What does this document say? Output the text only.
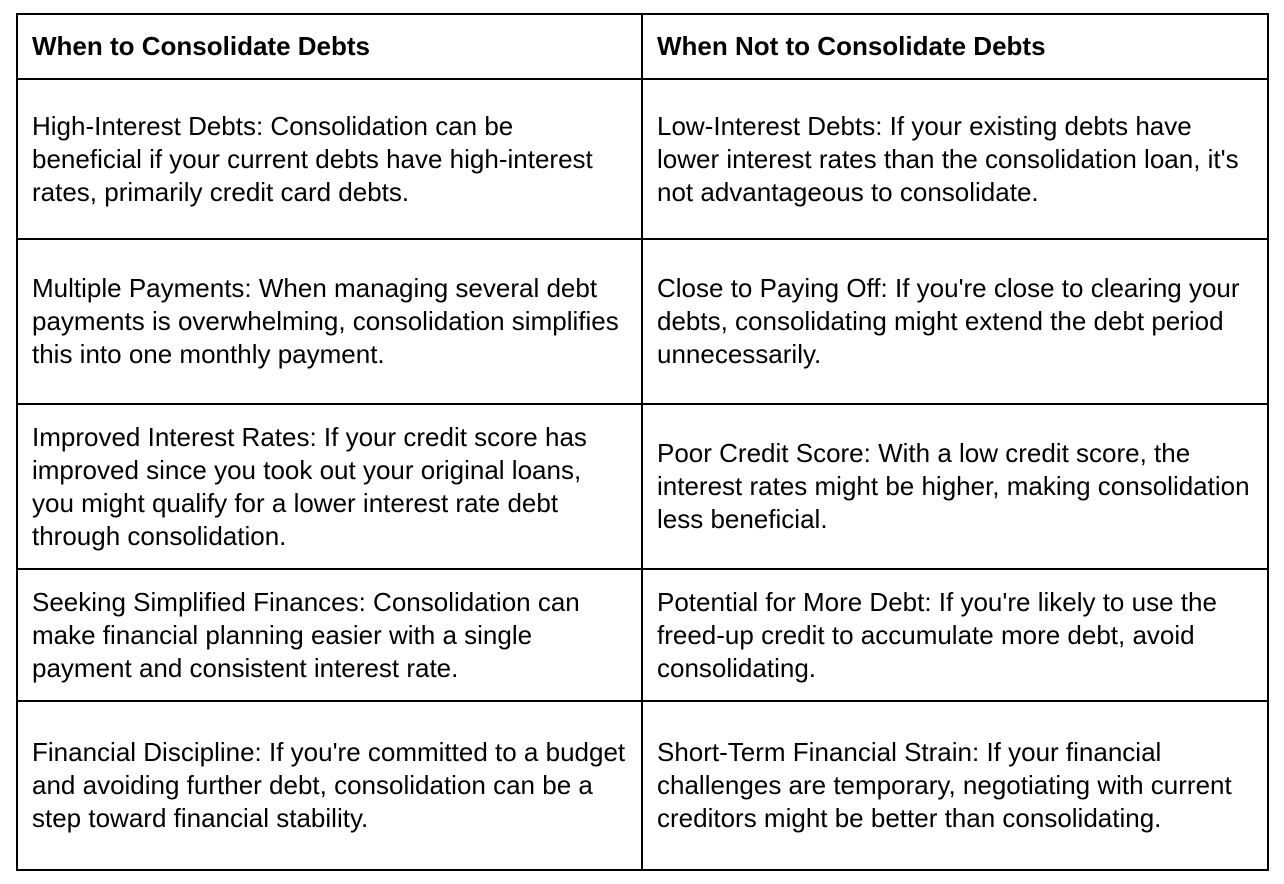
When to Consolidate Debts	When Not to Consolidate Debts

High-Interest Debts: Consolidation can be beneficial if your current debts have high-interest rates, primarily credit card debts.	Low-Interest Debts: If your existing debts have lower interest rates than the consolidation loan, it's not advantageous to consolidate.

Multiple Payments: When managing several debt payments is overwhelming, consolidation simplifies this into one monthly payment.	Close to Paying Off: If you're close to clearing your debts, consolidating might extend the debt period unnecessarily.

Improved Interest Rates: If your credit score has improved since you took out your original loans, you might qualify for a lower interest rate debt through consolidation.	Poor Credit Score: With a low credit score, the interest rates might be higher, making consolidation less beneficial.

Seeking Simplified Finances: Consolidation can make financial planning easier with a single payment and consistent interest rate.	Potential for More Debt: If you're likely to use the freed-up credit to accumulate more debt, avoid consolidating.

Financial Discipline: If you're committed to a budget and avoiding further debt, consolidation can be a step toward financial stability.	Short-Term Financial Strain: If your financial challenges are temporary, negotiating with current creditors might be better than consolidating.
